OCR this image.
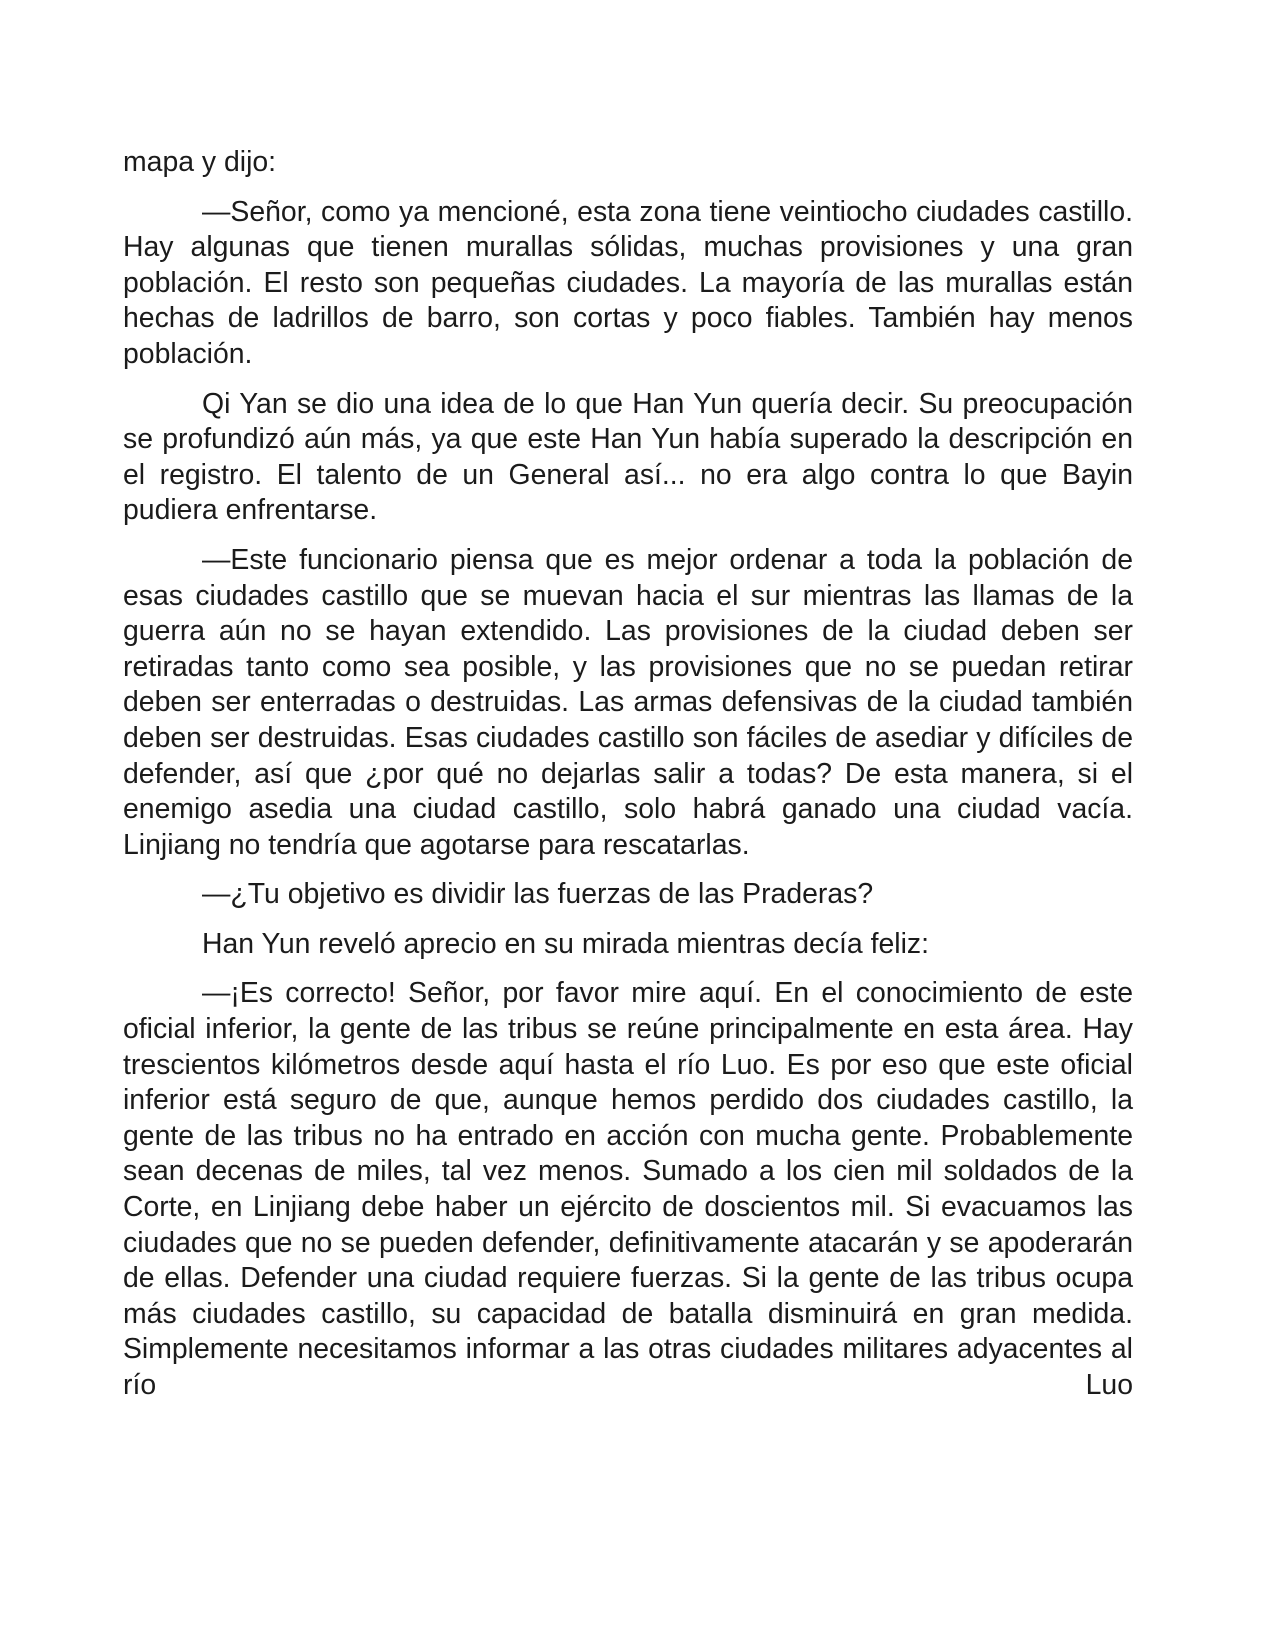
mapa y dijo:

—Señor, como ya mencioné, esta zona tiene veintiocho ciudades castillo. Hay algunas que tienen murallas sólidas, muchas provisiones y una gran población. El resto son pequeñas ciudades. La mayoría de las murallas están hechas de ladrillos de barro, son cortas y poco fiables. También hay menos población.

Qi Yan se dio una idea de lo que Han Yun quería decir. Su preocupación se profundizó aún más, ya que este Han Yun había superado la descripción en el registro. El talento de un General así... no era algo contra lo que Bayin pudiera enfrentarse.

—Este funcionario piensa que es mejor ordenar a toda la población de esas ciudades castillo que se muevan hacia el sur mientras las llamas de la guerra aún no se hayan extendido. Las provisiones de la ciudad deben ser retiradas tanto como sea posible, y las provisiones que no se puedan retirar deben ser enterradas o destruidas. Las armas defensivas de la ciudad también deben ser destruidas. Esas ciudades castillo son fáciles de asediar y difíciles de defender, así que ¿por qué no dejarlas salir a todas? De esta manera, si el enemigo asedia una ciudad castillo, solo habrá ganado una ciudad vacía. Linjiang no tendría que agotarse para rescatarlas.

—¿Tu objetivo es dividir las fuerzas de las Praderas?

Han Yun reveló aprecio en su mirada mientras decía feliz:

—¡Es correcto! Señor, por favor mire aquí. En el conocimiento de este oficial inferior, la gente de las tribus se reúne principalmente en esta área. Hay trescientos kilómetros desde aquí hasta el río Luo. Es por eso que este oficial inferior está seguro de que, aunque hemos perdido dos ciudades castillo, la gente de las tribus no ha entrado en acción con mucha gente. Probablemente sean decenas de miles, tal vez menos. Sumado a los cien mil soldados de la Corte, en Linjiang debe haber un ejército de doscientos mil. Si evacuamos las ciudades que no se pueden defender, definitivamente atacarán y se apoderarán de ellas. Defender una ciudad requiere fuerzas. Si la gente de las tribus ocupa más ciudades castillo, su capacidad de batalla disminuirá en gran medida. Simplemente necesitamos informar a las otras ciudades militares adyacentes al río Luo
